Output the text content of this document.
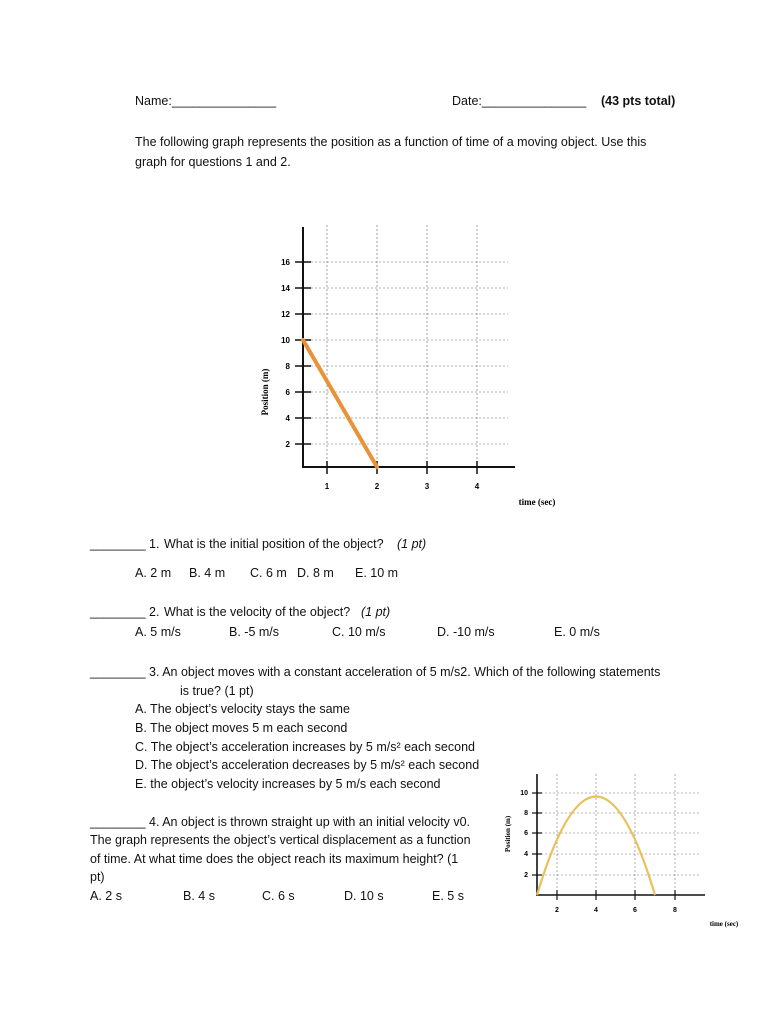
Name:_______________	Date:_______________ (43 pts total)
The following graph represents the position as a function of time of a moving object. Use this
graph for questions 1 and 2.
16
14
12
10
8
6
4
2
1	2	3	4
Position (m)
time (sec)
________ 1. What is the initial position of the object? (1 pt)
A. 2 m B. 4 m C. 6 m D. 8 m E. 10 m
________ 2. What is the velocity of the object? (1 pt)
A. 5 m/s	B. -5 m/s	C. 10 m/s	D. -10 m/s	E. 0 m/s
________ 3. An object moves with a constant acceleration of 5 m/s2. Which of the following statements
is true? (1 pt)
A. The object’s velocity stays the same
B. The object moves 5 m each second
C. The object’s acceleration increases by 5 m/s² each second
D. The object’s acceleration decreases by 5 m/s² each second
E. the object’s velocity increases by 5 m/s each second
________ 4. An object is thrown straight up with an initial velocity v0.
The graph represents the object’s vertical displacement as a function
of time. At what time does the object reach its maximum height? (1
pt)
A. 2 s	B. 4 s	C. 6 s	D. 10 s	E. 5 s
10
8
6
4
2
2	4	6	8
Position (m)
time (sec)
